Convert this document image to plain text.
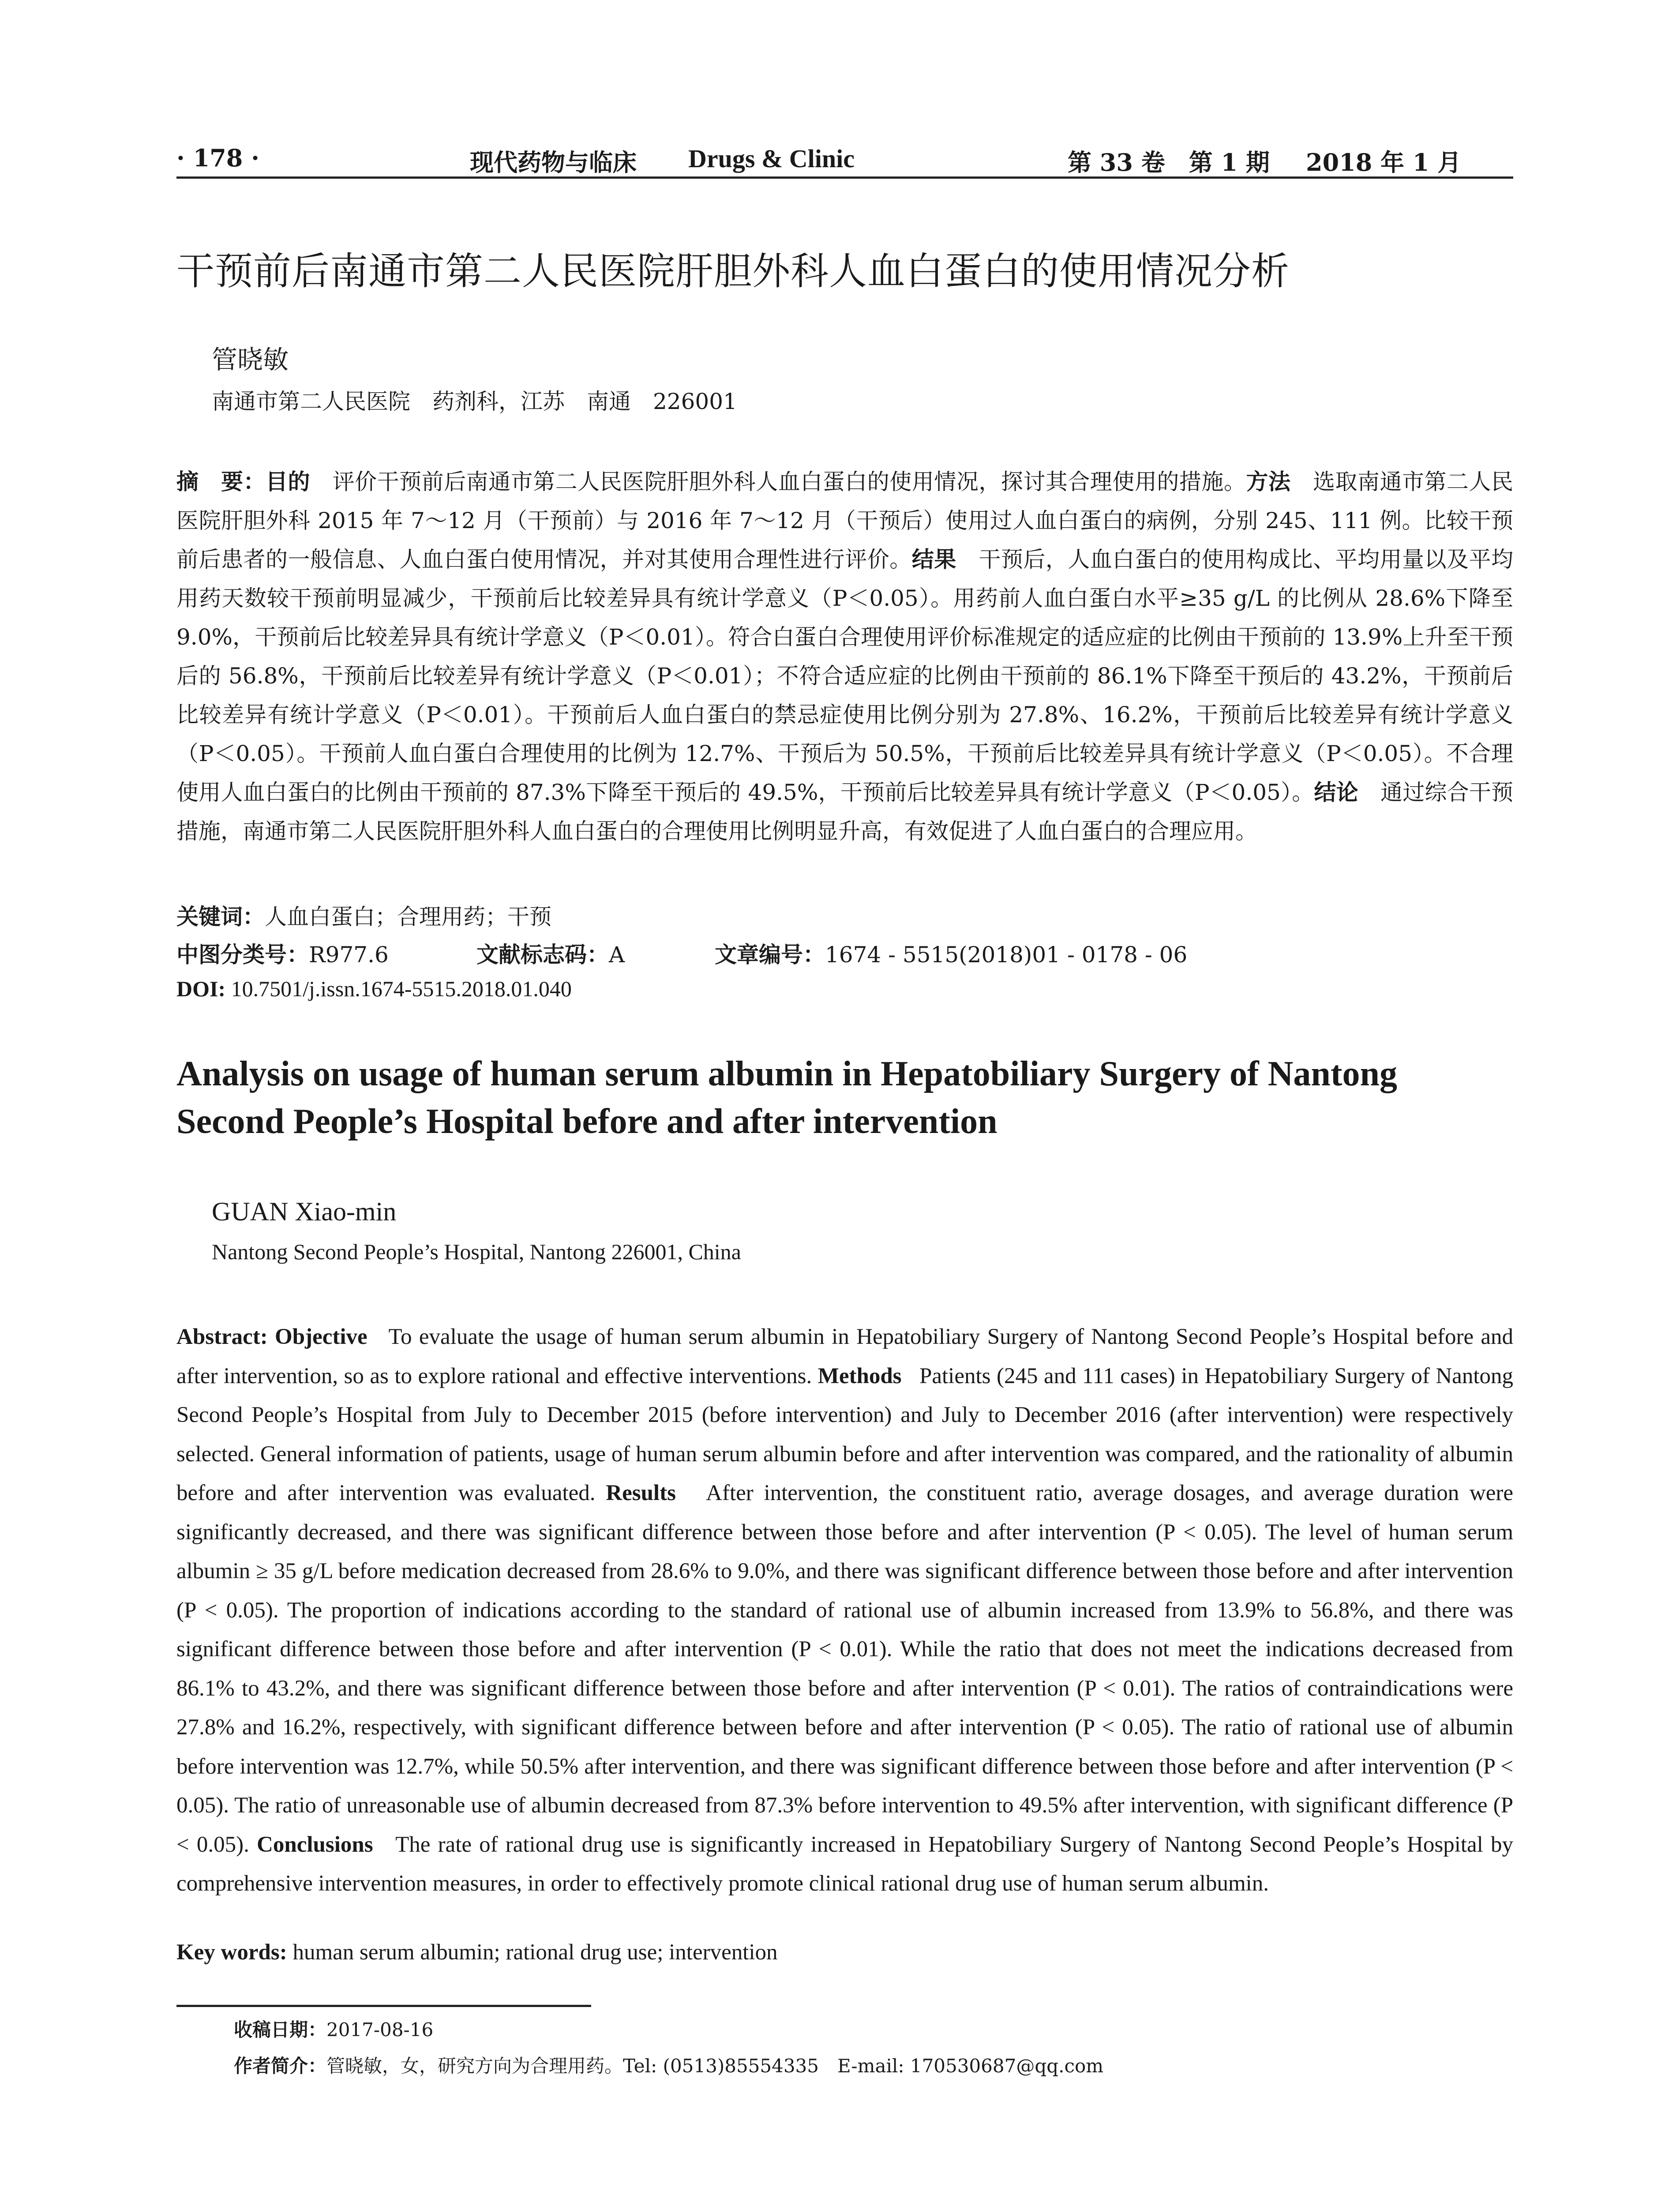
· 178 ·	现代药物与临床 Drugs & Clinic	第 33 卷　第 1 期 2018 年 1 月
干预前后南通市第二人民医院肝胆外科人血白蛋白的使用情况分析
管晓敏
南通市第二人民医院　药剂科，江苏　南通　226001
摘　要：目的　 评价干预前后南通市第二人民医院肝胆外科人血白蛋白的使用情况，探讨其合理使用的措施。方法　 选取南通市第二人民医院肝胆外科 2015 年 7～12 月（干预前）与 2016 年 7～12 月（干预后）使用过人血白蛋白的病例，分别 245、111 例。比较干预前后患者的一般信息、人血白蛋白使用情况，并对其使用合理性进行评价。结果　 干预后，人血白蛋白的使用构成比、平均用量以及平均用药天数较干预前明显减少，干预前后比较差异具有统计学意义（P＜0.05）。用药前人血白蛋白水平≥35 g/L 的比例从 28.6%下降至 9.0%，干预前后比较差异具有统计学意义（P＜0.01）。符合白蛋白合理使用评价标准规定的适应症的比例由干预前的 13.9%上升至干预后的 56.8%，干预前后比较差异有统计学意义（P＜0.01）；不符合适应症的比例由干预前的 86.1%下降至干预后的 43.2%，干预前后比较差异有统计学意义（P＜0.01）。干预前后人血白蛋白的禁忌症使用比例分别为 27.8%、16.2%，干预前后比较差异有统计学意义（P＜0.05）。干预前人血白蛋白合理使用的比例为 12.7%、干预后为 50.5%，干预前后比较差异具有统计学意义（P＜0.05）。不合理使用人血白蛋白的比例由干预前的 87.3%下降至干预后的 49.5%，干预前后比较差异具有统计学意义（P＜0.05）。结论　 通过综合干预措施，南通市第二人民医院肝胆外科人血白蛋白的合理使用比例明显升高，有效促进了人血白蛋白的合理应用。
关键词：人血白蛋白；合理用药；干预
中图分类号：R977.6	文献标志码：A	文章编号：1674 - 5515(2018)01 - 0178 - 06
DOI: 10.7501/j.issn.1674-5515.2018.01.040
Analysis on usage of human serum albumin in Hepatobiliary Surgery of Nantong
Second People’s Hospital before and after intervention
GUAN Xiao-min
Nantong Second People’s Hospital, Nantong 226001, China
Abstract: Objective To evaluate the usage of human serum albumin in Hepatobiliary Surgery of Nantong Second People’s Hospital before and after intervention, so as to explore rational and effective interventions. Methods Patients (245 and 111 cases) in Hepatobiliary Surgery of Nantong Second People’s Hospital from July to December 2015 (before intervention) and July to December 2016 (after intervention) were respectively selected. General information of patients, usage of human serum albumin before and after intervention was compared, and the rationality of albumin before and after intervention was evaluated. Results After intervention, the constituent ratio, average dosages, and average duration were significantly decreased, and there was significant difference between those before and after intervention (P < 0.05). The level of human serum albumin ≥ 35 g/L before medication decreased from 28.6% to 9.0%, and there was significant difference between those before and after intervention (P < 0.05). The proportion of indications according to the standard of rational use of albumin increased from 13.9% to 56.8%, and there was significant difference between those before and after intervention (P < 0.01). While the ratio that does not meet the indications decreased from 86.1% to 43.2%, and there was significant difference between those before and after intervention (P < 0.01). The ratios of contraindications were 27.8% and 16.2%, respectively, with significant difference between before and after intervention (P < 0.05). The ratio of rational use of albumin before intervention was 12.7%, while 50.5% after intervention, and there was significant difference between those before and after intervention (P < 0.05). The ratio of unreasonable use of albumin decreased from 87.3% before intervention to 49.5% after intervention, with significant difference (P < 0.05). Conclusions The rate of rational drug use is significantly increased in Hepatobiliary Surgery of Nantong Second People’s Hospital by comprehensive intervention measures, in order to effectively promote clinical rational drug use of human serum albumin.
Key words: human serum albumin; rational drug use; intervention
收稿日期：2017-08-16
作者简介：管晓敏，女，研究方向为合理用药。Tel: (0513)85554335　E-mail: 170530687@qq.com
